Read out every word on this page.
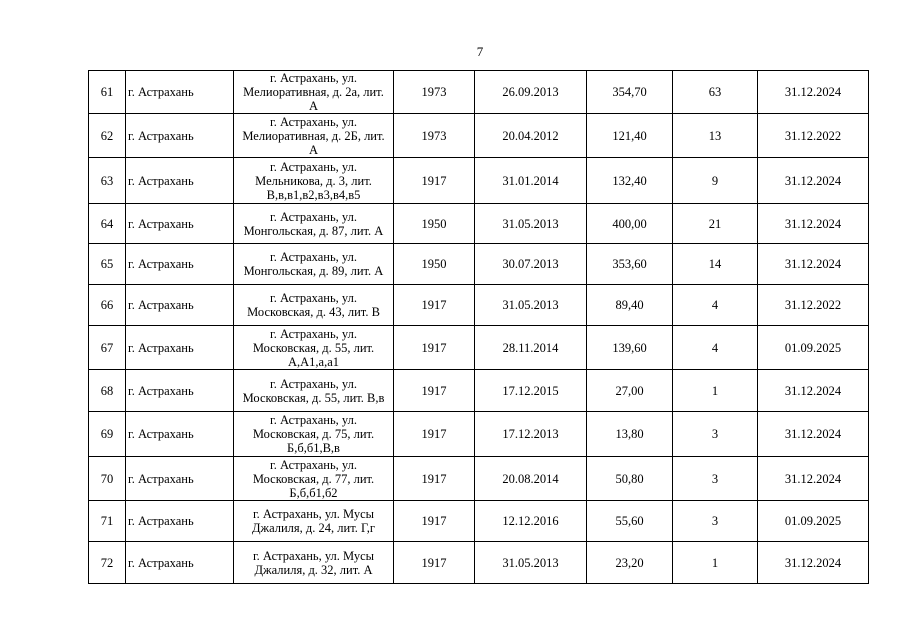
7
61	г. Астрахань	г. Астрахань, ул.
Мелиоративная, д. 2а, лит.
А	1973	26.09.2013	354,70	63	31.12.2024
62	г. Астрахань	г. Астрахань, ул.
Мелиоративная, д. 2Б, лит.
А	1973	20.04.2012	121,40	13	31.12.2022
63	г. Астрахань	г. Астрахань, ул.
Мельникова, д. 3, лит.
В,в,в1,в2,в3,в4,в5	1917	31.01.2014	132,40	9	31.12.2024
64	г. Астрахань	г. Астрахань, ул.
Монгольская, д. 87, лит. А	1950	31.05.2013	400,00	21	31.12.2024
65	г. Астрахань	г. Астрахань, ул.
Монгольская, д. 89, лит. А	1950	30.07.2013	353,60	14	31.12.2024
66	г. Астрахань	г. Астрахань, ул.
Московская, д. 43, лит. В	1917	31.05.2013	89,40	4	31.12.2022
67	г. Астрахань	г. Астрахань, ул.
Московская, д. 55, лит.
А,А1,а,а1	1917	28.11.2014	139,60	4	01.09.2025
68	г. Астрахань	г. Астрахань, ул.
Московская, д. 55, лит. В,в	1917	17.12.2015	27,00	1	31.12.2024
69	г. Астрахань	г. Астрахань, ул.
Московская, д. 75, лит.
Б,б,б1,В,в	1917	17.12.2013	13,80	3	31.12.2024
70	г. Астрахань	г. Астрахань, ул.
Московская, д. 77, лит.
Б,б,б1,б2	1917	20.08.2014	50,80	3	31.12.2024
71	г. Астрахань	г. Астрахань, ул. Мусы
Джалиля, д. 24, лит. Г,г	1917	12.12.2016	55,60	3	01.09.2025
72	г. Астрахань	г. Астрахань, ул. Мусы
Джалиля, д. 32, лит. А	1917	31.05.2013	23,20	1	31.12.2024
